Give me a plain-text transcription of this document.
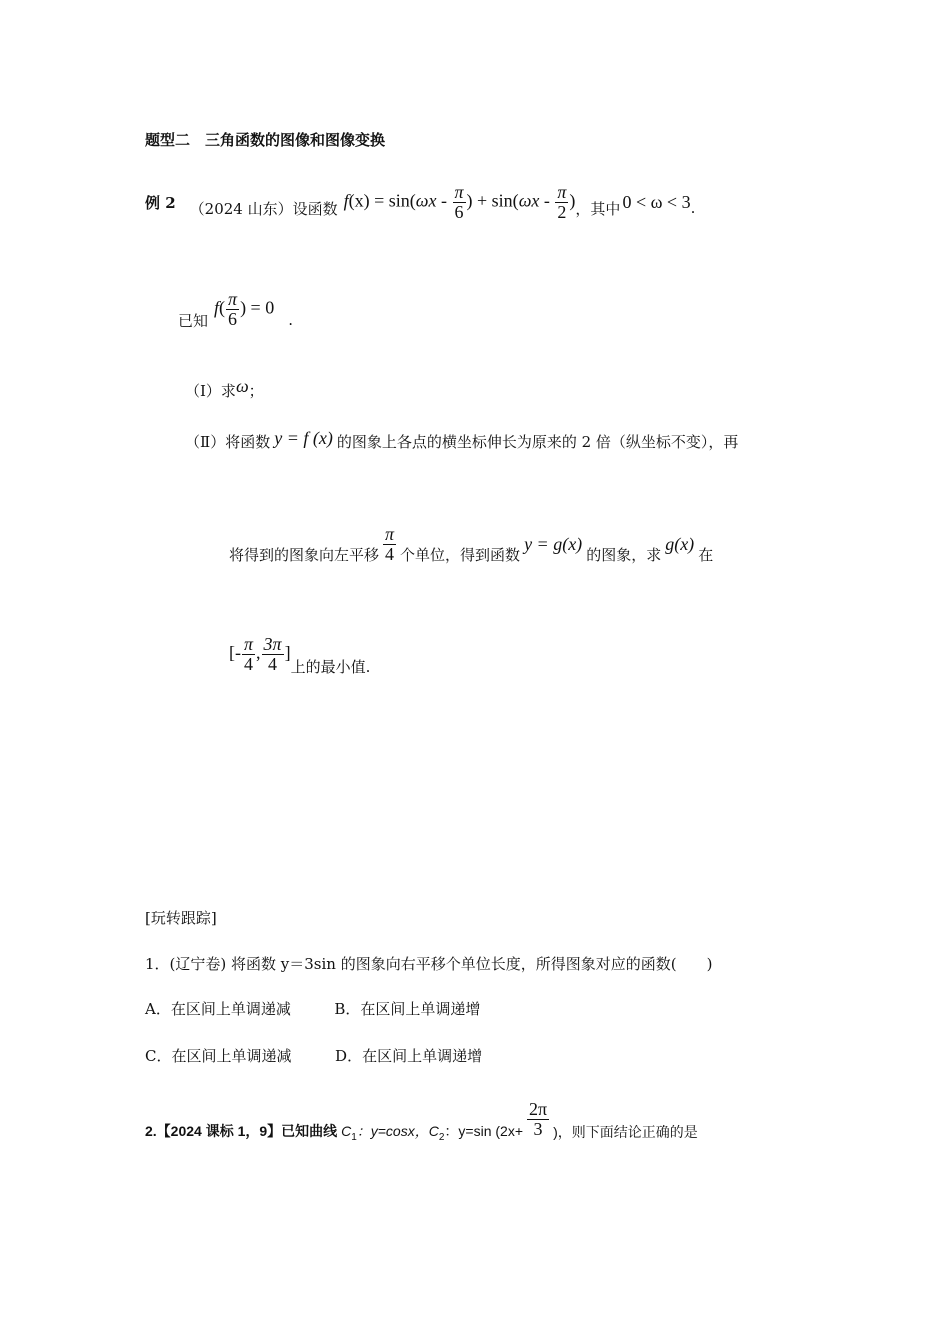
题型二　三角函数的图像和图像变换
例 2 （2024 山东）设函数 $f(x) = \sin(\omega x - \frac{\pi}{6}$ ) + $\sin(\omega x - \frac{\pi}{2}$ ) ，其中 0 < ω < 3 .
已知
$f( \frac{\pi}{6}$ ) = 0
.
（Ⅰ）求ω；
（Ⅱ）将函数 y = f (x) 的图象上各点的横坐标伸长为原来的 2 倍（纵坐标不变），再
将得到的图象向左平移 $\frac{\pi}{4}$ 个单位，得到函数
y = g(x)
的图象，求
g(x)
在
[- $\frac{\pi}{4}$ , $\frac{3\pi}{4}$ ]
上的最小值.
[玩转跟踪]
1．(辽宁卷) 将函数 y＝3sin 的图象向右平移个单位长度，所得图象对应的函数(　　)
A．在区间上单调递减	B．在区间上单调递增
C．在区间上单调递减	D．在区间上单调递增
2.【2024 课标 1，9】已知曲线 $C_1$：y=cosx，$C_2$：y=sin ($2x+ \frac{2\pi}{3}$ )，则下面结论正确的是
